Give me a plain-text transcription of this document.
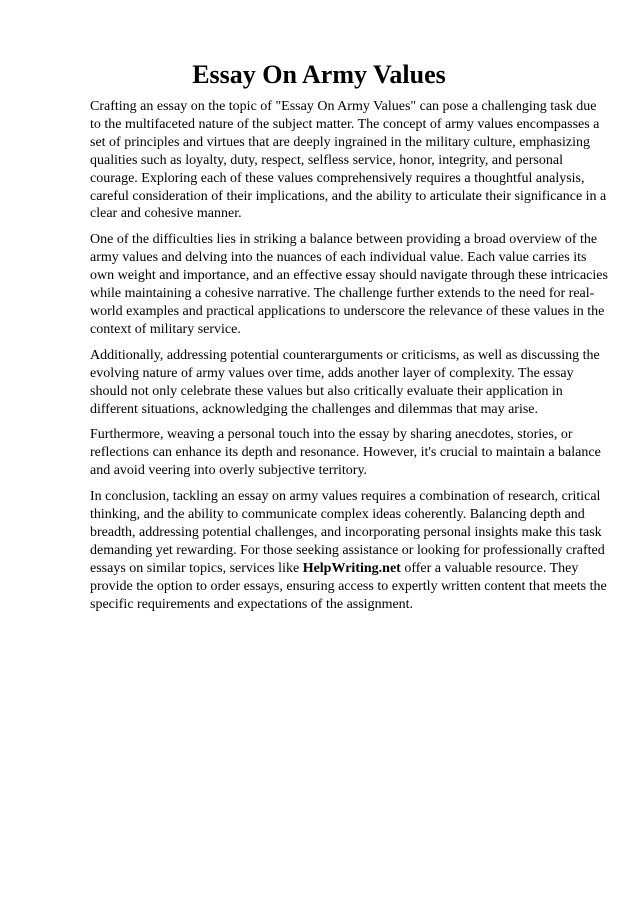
Essay On Army Values

Crafting an essay on the topic of "Essay On Army Values" can pose a challenging task due to the multifaceted nature of the subject matter. The concept of army values encompasses a set of principles and virtues that are deeply ingrained in the military culture, emphasizing qualities such as loyalty, duty, respect, selfless service, honor, integrity, and personal courage. Exploring each of these values comprehensively requires a thoughtful analysis, careful consideration of their implications, and the ability to articulate their significance in a clear and cohesive manner.

One of the difficulties lies in striking a balance between providing a broad overview of the army values and delving into the nuances of each individual value. Each value carries its own weight and importance, and an effective essay should navigate through these intricacies while maintaining a cohesive narrative. The challenge further extends to the need for real-world examples and practical applications to underscore the relevance of these values in the context of military service.

Additionally, addressing potential counterarguments or criticisms, as well as discussing the evolving nature of army values over time, adds another layer of complexity. The essay should not only celebrate these values but also critically evaluate their application in different situations, acknowledging the challenges and dilemmas that may arise.

Furthermore, weaving a personal touch into the essay by sharing anecdotes, stories, or reflections can enhance its depth and resonance. However, it's crucial to maintain a balance and avoid veering into overly subjective territory.

In conclusion, tackling an essay on army values requires a combination of research, critical thinking, and the ability to communicate complex ideas coherently. Balancing depth and breadth, addressing potential challenges, and incorporating personal insights make this task demanding yet rewarding. For those seeking assistance or looking for professionally crafted essays on similar topics, services like HelpWriting.net offer a valuable resource. They provide the option to order essays, ensuring access to expertly written content that meets the specific requirements and expectations of the assignment.
